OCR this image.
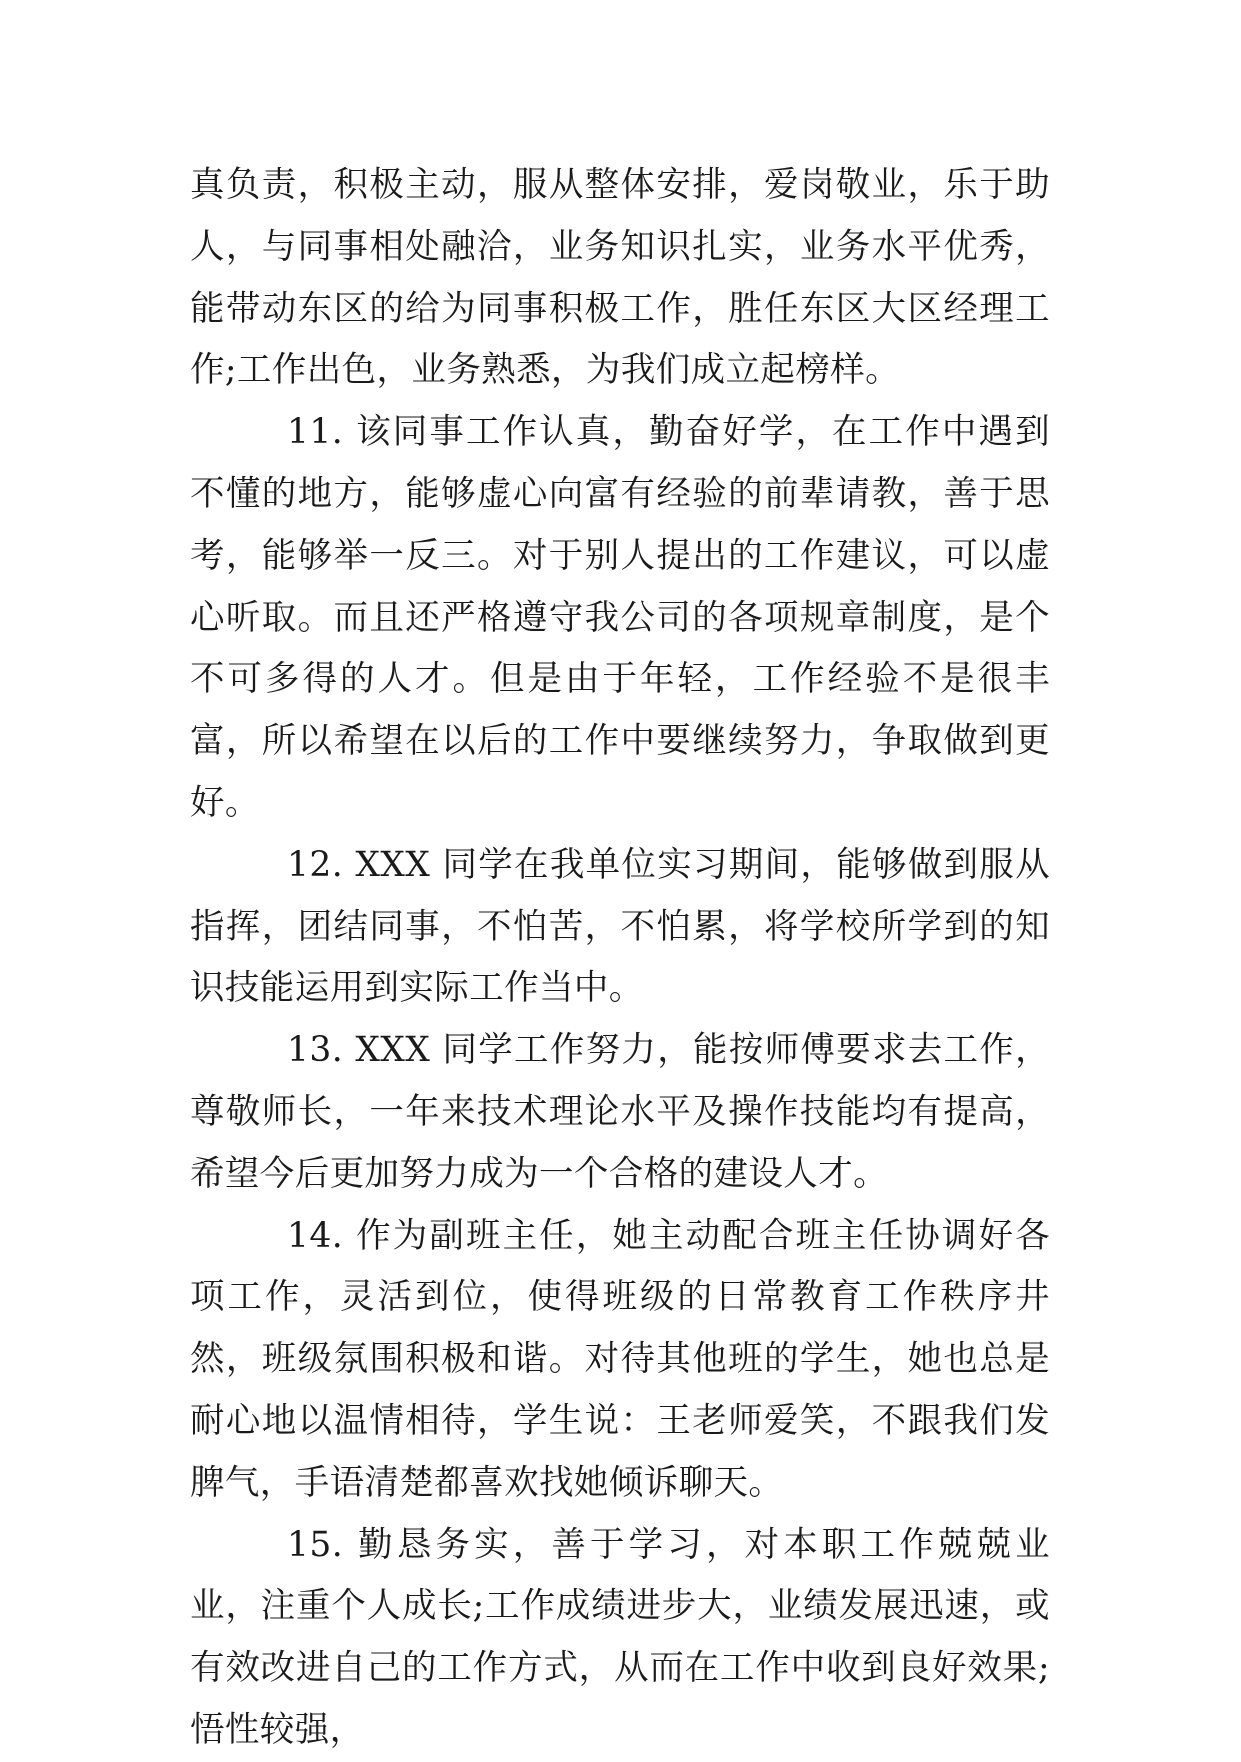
真负责，积极主动，服从整体安排，爱岗敬业，乐于助人，与同事相处融洽，业务知识扎实，业务水平优秀，能带动东区的给为同事积极工作，胜任东区大区经理工作;工作出色，业务熟悉，为我们成立起榜样。

11. 该同事工作认真，勤奋好学，在工作中遇到不懂的地方，能够虚心向富有经验的前辈请教，善于思考，能够举一反三。对于别人提出的工作建议，可以虚心听取。而且还严格遵守我公司的各项规章制度，是个不可多得的人才。但是由于年轻，工作经验不是很丰富，所以希望在以后的工作中要继续努力，争取做到更好。

12. XXX 同学在我单位实习期间，能够做到服从指挥，团结同事，不怕苦，不怕累，将学校所学到的知识技能运用到实际工作当中。

13. XXX 同学工作努力，能按师傅要求去工作，尊敬师长，一年来技术理论水平及操作技能均有提高，希望今后更加努力成为一个合格的建设人才。

14. 作为副班主任，她主动配合班主任协调好各项工作，灵活到位，使得班级的日常教育工作秩序井然，班级氛围积极和谐。对待其他班的学生，她也总是耐心地以温情相待，学生说：王老师爱笑，不跟我们发脾气，手语清楚都喜欢找她倾诉聊天。

15. 勤恳务实，善于学习，对本职工作兢兢业业，注重个人成长;工作成绩进步大，业绩发展迅速，或有效改进自己的工作方式，从而在工作中收到良好效果;悟性较强，
